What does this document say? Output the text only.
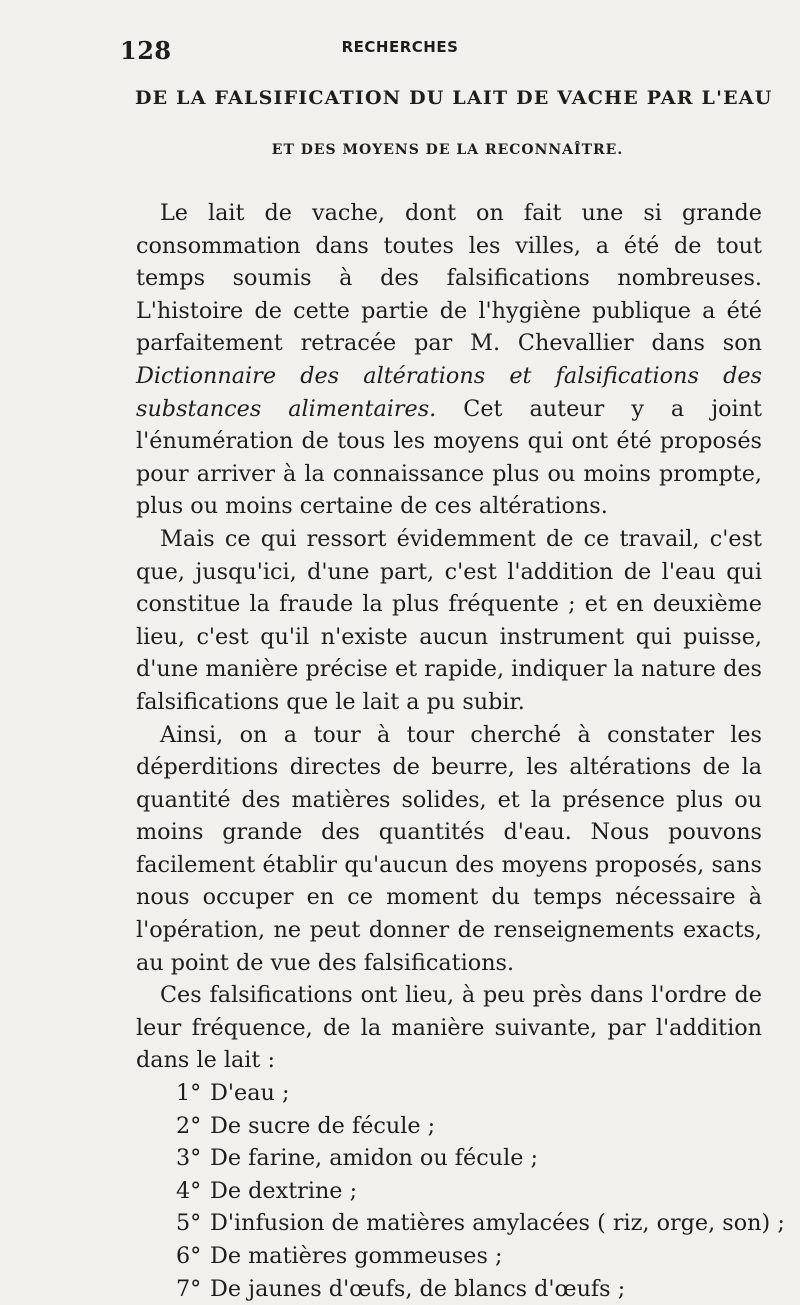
128	RECHERCHES
DE LA FALSIFICATION DU LAIT DE VACHE PAR L'EAU
ET DES MOYENS DE LA RECONNAÎTRE.

Le lait de vache, dont on fait une si grande consommation dans toutes les villes, a été de tout temps soumis à des falsifications nombreuses. L'histoire de cette partie de l'hygiène publique a été parfaitement retracée par M. Chevallier dans son Dictionnaire des altérations et falsifications des substances alimentaires. Cet auteur y a joint l'énumération de tous les moyens qui ont été proposés pour arriver à la connaissance plus ou moins prompte, plus ou moins certaine de ces altérations.

Mais ce qui ressort évidemment de ce travail, c'est que, jusqu'ici, d'une part, c'est l'addition de l'eau qui constitue la fraude la plus fréquente ; et en deuxième lieu, c'est qu'il n'existe aucun instrument qui puisse, d'une manière précise et rapide, indiquer la nature des falsifications que le lait a pu subir.

Ainsi, on a tour à tour cherché à constater les déperditions directes de beurre, les altérations de la quantité des matières solides, et la présence plus ou moins grande des quantités d'eau. Nous pouvons facilement établir qu'aucun des moyens proposés, sans nous occuper en ce moment du temps nécessaire à l'opération, ne peut donner de renseignements exacts, au point de vue des falsifications.

Ces falsifications ont lieu, à peu près dans l'ordre de leur fréquence, de la manière suivante, par l'addition dans le lait :

1° D'eau ;
2° De sucre de fécule ;
3° De farine, amidon ou fécule ;
4° De dextrine ;
5° D'infusion de matières amylacées ( riz, orge, son) ;
6° De matières gommeuses ;
7° De jaunes d'œufs, de blancs d'œufs ;
